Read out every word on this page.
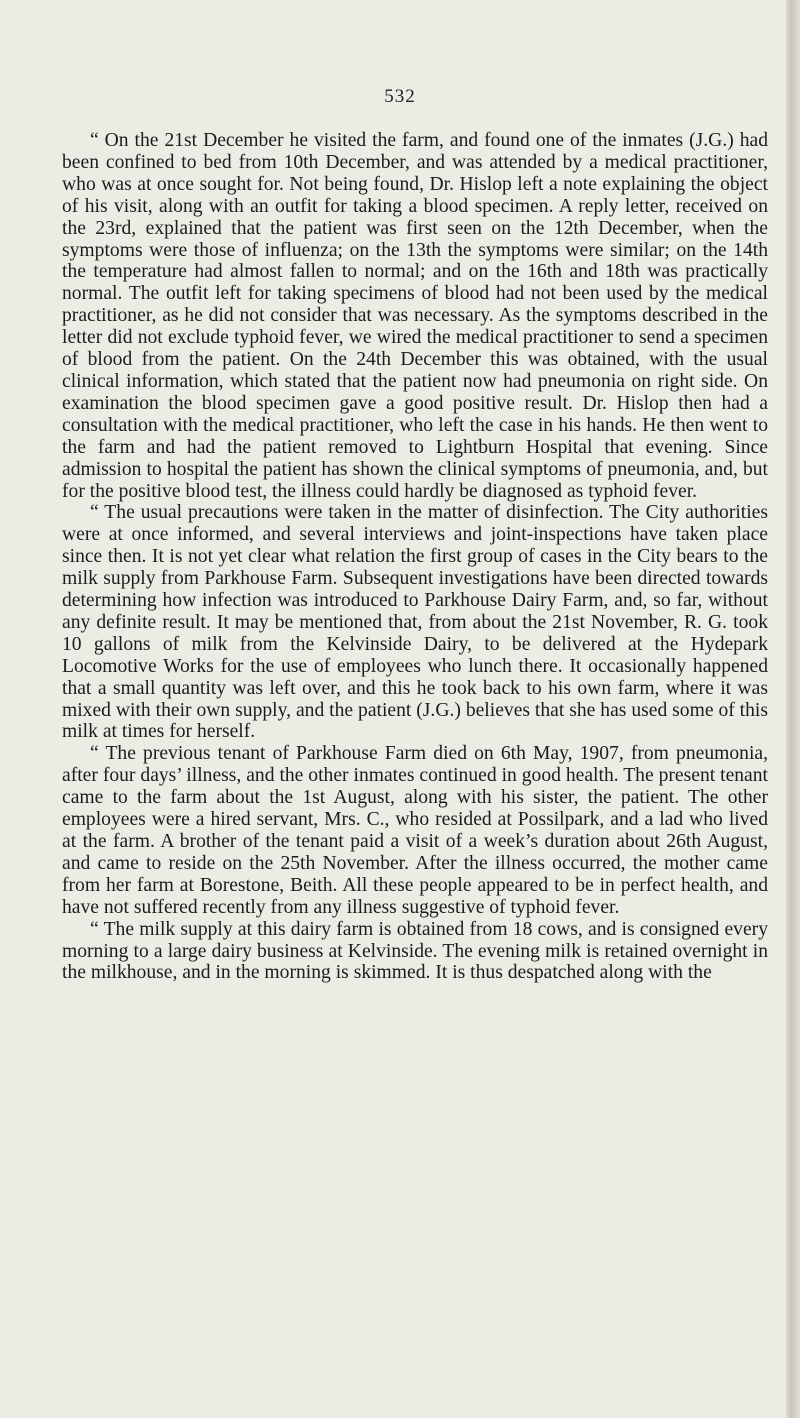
532

“ On the 21st December he visited the farm, and found one of the inmates (J.G.) had been confined to bed from 10th December, and was attended by a medical practitioner, who was at once sought for. Not being found, Dr. Hislop left a note explaining the object of his visit, along with an outfit for taking a blood specimen. A reply letter, received on the 23rd, explained that the patient was first seen on the 12th December, when the symptoms were those of influenza; on the 13th the symptoms were similar; on the 14th the temperature had almost fallen to normal; and on the 16th and 18th was practically normal. The outfit left for taking specimens of blood had not been used by the medical practitioner, as he did not consider that was necessary. As the symptoms described in the letter did not exclude typhoid fever, we wired the medical practitioner to send a specimen of blood from the patient. On the 24th December this was obtained, with the usual clinical information, which stated that the patient now had pneumonia on right side. On examination the blood specimen gave a good positive result. Dr. Hislop then had a consultation with the medical practitioner, who left the case in his hands. He then went to the farm and had the patient removed to Lightburn Hospital that evening. Since admission to hospital the patient has shown the clinical symptoms of pneumonia, and, but for the positive blood test, the illness could hardly be diagnosed as typhoid fever.

“ The usual precautions were taken in the matter of disinfection. The City authorities were at once informed, and several interviews and joint-inspections have taken place since then. It is not yet clear what relation the first group of cases in the City bears to the milk supply from Parkhouse Farm. Subsequent investigations have been directed towards determining how infection was introduced to Parkhouse Dairy Farm, and, so far, without any definite result. It may be mentioned that, from about the 21st November, R. G. took 10 gallons of milk from the Kelvinside Dairy, to be delivered at the Hydepark Locomotive Works for the use of employees who lunch there. It occasionally happened that a small quantity was left over, and this he took back to his own farm, where it was mixed with their own supply, and the patient (J.G.) believes that she has used some of this milk at times for herself.

“ The previous tenant of Parkhouse Farm died on 6th May, 1907, from pneumonia, after four days’ illness, and the other inmates continued in good health. The present tenant came to the farm about the 1st August, along with his sister, the patient. The other employees were a hired servant, Mrs. C., who resided at Possilpark, and a lad who lived at the farm. A brother of the tenant paid a visit of a week’s duration about 26th August, and came to reside on the 25th November. After the illness occurred, the mother came from her farm at Borestone, Beith. All these people appeared to be in perfect health, and have not suffered recently from any illness suggestive of typhoid fever.

“ The milk supply at this dairy farm is obtained from 18 cows, and is consigned every morning to a large dairy business at Kelvinside. The evening milk is retained overnight in the milkhouse, and in the morning is skimmed. It is thus despatched along with the
